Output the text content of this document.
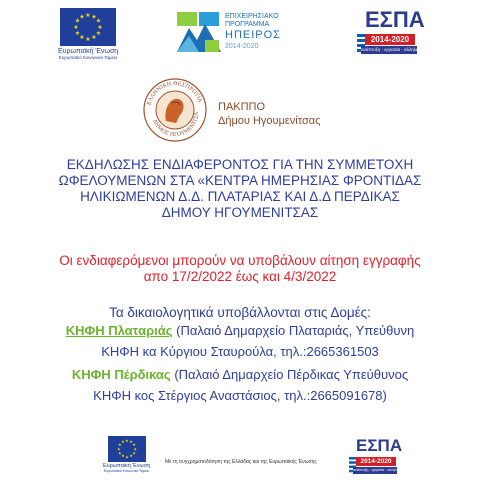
★ ★
★
★
★
★
★
★
★
★
★
★
Ευρωπαϊκή Ένωση
Ευρωπαϊκό Κοινωνικό Ταμείο
ΕΠΙΧΕΙΡΗΣΙΑΚΟ
ΠΡΟΓΡΑΜΜΑ
ΗΠΕΙΡΟΣ
2014-2020
ΕΣΠΑ
2014-2020
ανάπτυξη - εργασία - αλληλεγγύη
ΕΛΛΗΝΙΚΗ ΘΕΣΠΡΩΤΙΑ
ΔΗΜΟΣ ΗΓΟΥΜΕΝΙΤΣΑ
ΠΑΚΠΠΟ
Δήμου Ηγουμενίτσας
ΕΚΔΗΛΩΣΗΣ ΕΝΔΙΑΦΕΡΟΝΤΟΣ ΓΙΑ ΤΗΝ ΣΥΜΜΕΤΟΧΗ
ΩΦΕΛΟΥΜΕΝΩΝ ΣΤΑ «ΚΕΝΤΡΑ ΗΜΕΡΗΣΙΑΣ ΦΡΟΝΤΙΔΑΣ
ΗΛΙΚΙΩΜΕΝΩΝ Δ.Δ. ΠΛΑΤΑΡΙΑΣ ΚΑΙ Δ.Δ ΠΕΡΔΙΚΑΣ
ΔΗΜΟΥ ΗΓΟΥΜΕΝΙΤΣΑΣ
Οι ενδιαφερόμενοι μπορούν να υποβάλουν αίτηση εγγραφής
απο 17/2/2022 έως και 4/3/2022
Τα δικαιολογητικά υποβάλλονται στις Δομές:
ΚΗΦΗ Πλαταριάς (Παλαιό Δημαρχείο Πλαταριάς, Υπεύθυνη
ΚΗΦΗ κα Κύργιου Σταυρούλα, τηλ.:2665361503
ΚΗΦΗ Πέρδικας (Παλαιό Δημαρχείο Πέρδικας Υπεύθυνος
ΚΗΦΗ κος Στέργιος Αναστάσιος, τηλ.:2665091678)
★ ★
★
★
★
★
★
★
★
★
★
★
Ευρωπαϊκή Ένωση
Ευρωπαϊκό Κοινωνικό Ταμείο
Με τη συγχρηματοδότηση της Ελλάδας και της Ευρωπαϊκής Ένωσης
ΕΣΠΑ
2014-2020
ανάπτυξη - εργασία - αλληλεγγύη
